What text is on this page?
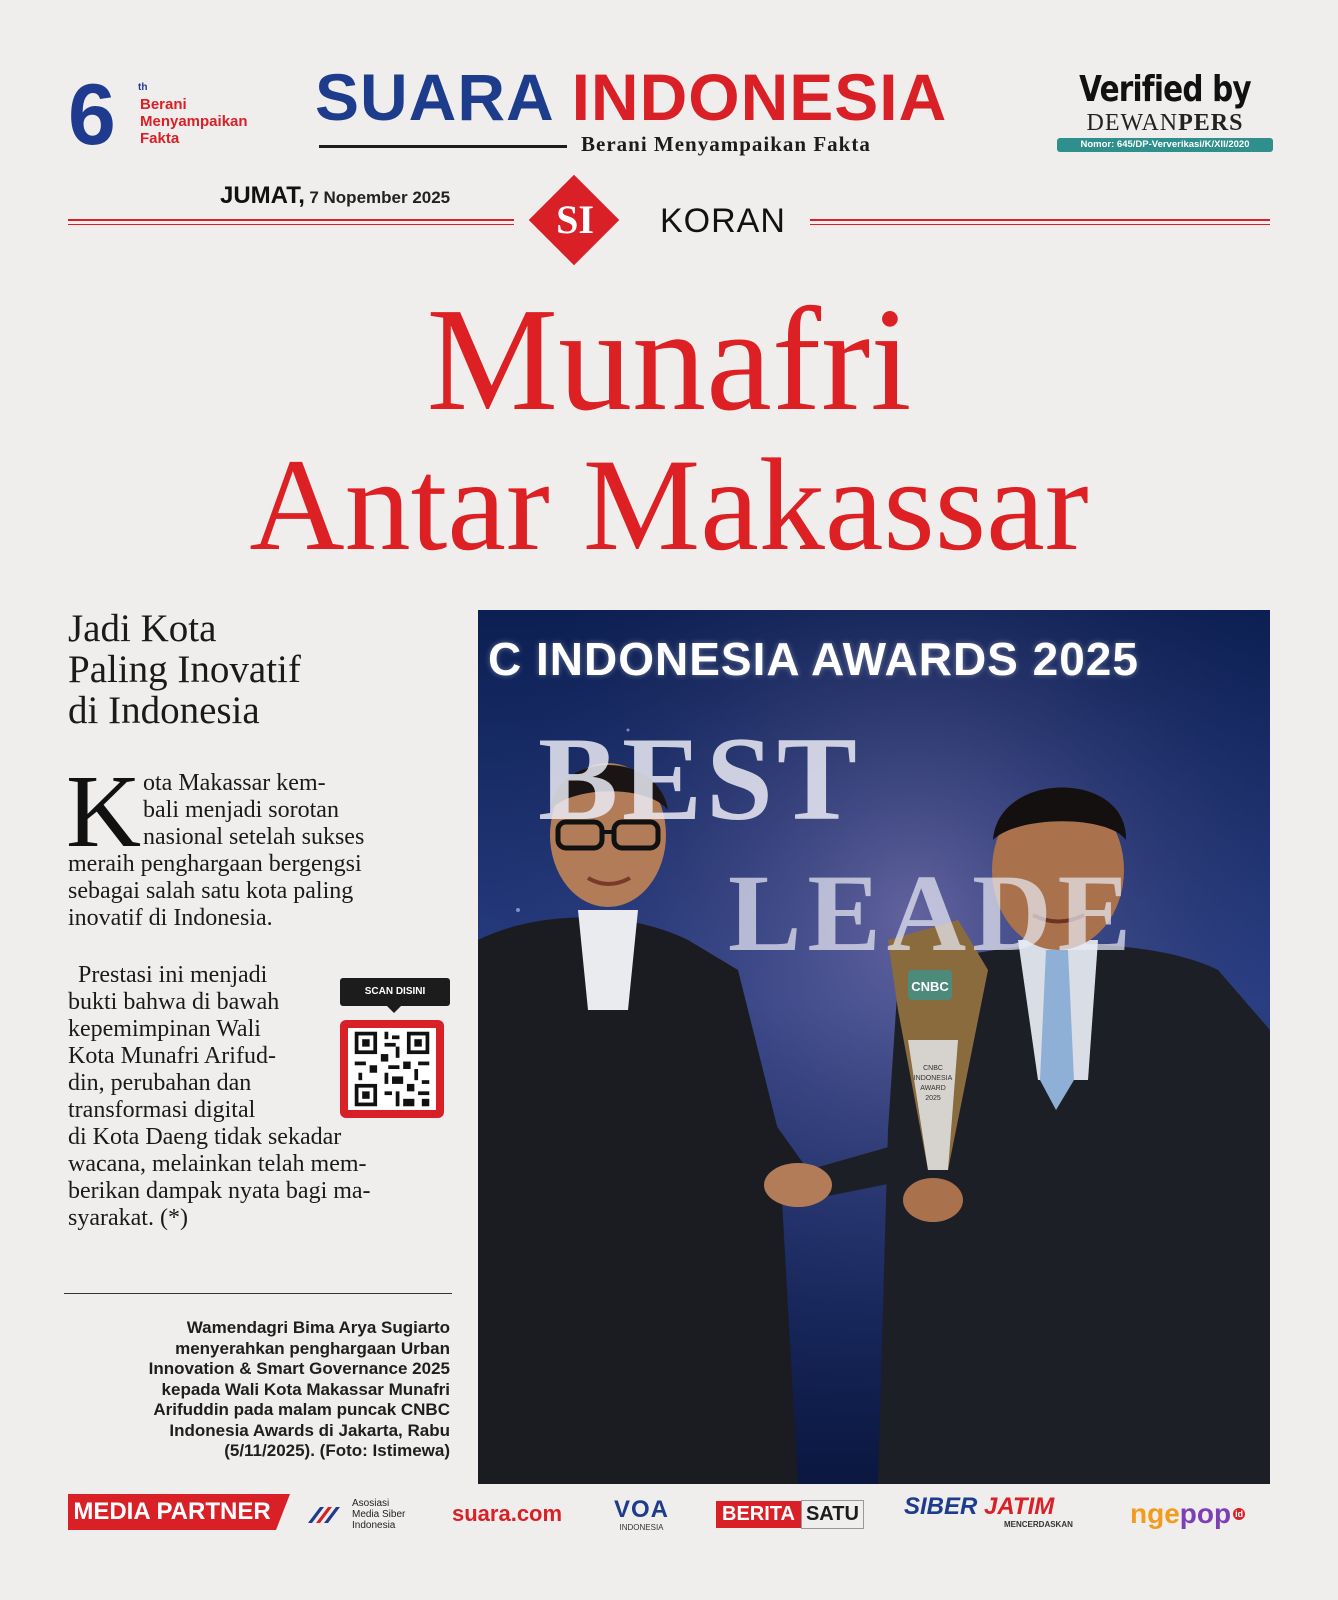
6 th
Berani
Menyampaikan
Fakta
SUARA INDONESIA
Berani Menyampaikan Fakta
Verified by
DEWANPERS
Nomor: 645/DP-Ververikasi/K/XII/2020
JUMAT, 7 Nopember 2025	SI	KORAN
Munafri
Antar Makassar
Jadi Kota
Paling Inovatif
di Indonesia
K ota Makassar kem-
bali menjadi sorotan
nasional setelah sukses
meraih penghargaan bergengsi
sebagai salah satu kota paling
inovatif di Indonesia.
Prestasi ini menjadi
bukti bahwa di bawah
kepemimpinan Wali
Kota Munafri Arifud-
din, perubahan dan
transformasi digital
di Kota Daeng tidak sekadar
wacana, melainkan telah mem-
berikan dampak nyata bagi ma-
syarakat. (*)
SCAN DISINI
Wamendagri Bima Arya Sugiarto
menyerahkan penghargaan Urban
Innovation & Smart Governance 2025
kepada Wali Kota Makassar Munafri
Arifuddin pada malam puncak CNBC
Indonesia Awards di Jakarta, Rabu
(5/11/2025). (Foto: Istimewa)
CNBC
CNBC
INDONESIA
AWARD
2025
BEST
LEADE
C INDONESIA AWARDS 2025
MEDIA PARTNER	Asosiasi
Media Siber
Indonesia	suara.com VOA
INDONESIA
BERITA SATU SIBER JATIM
MENCERDASKAN nge pop id
